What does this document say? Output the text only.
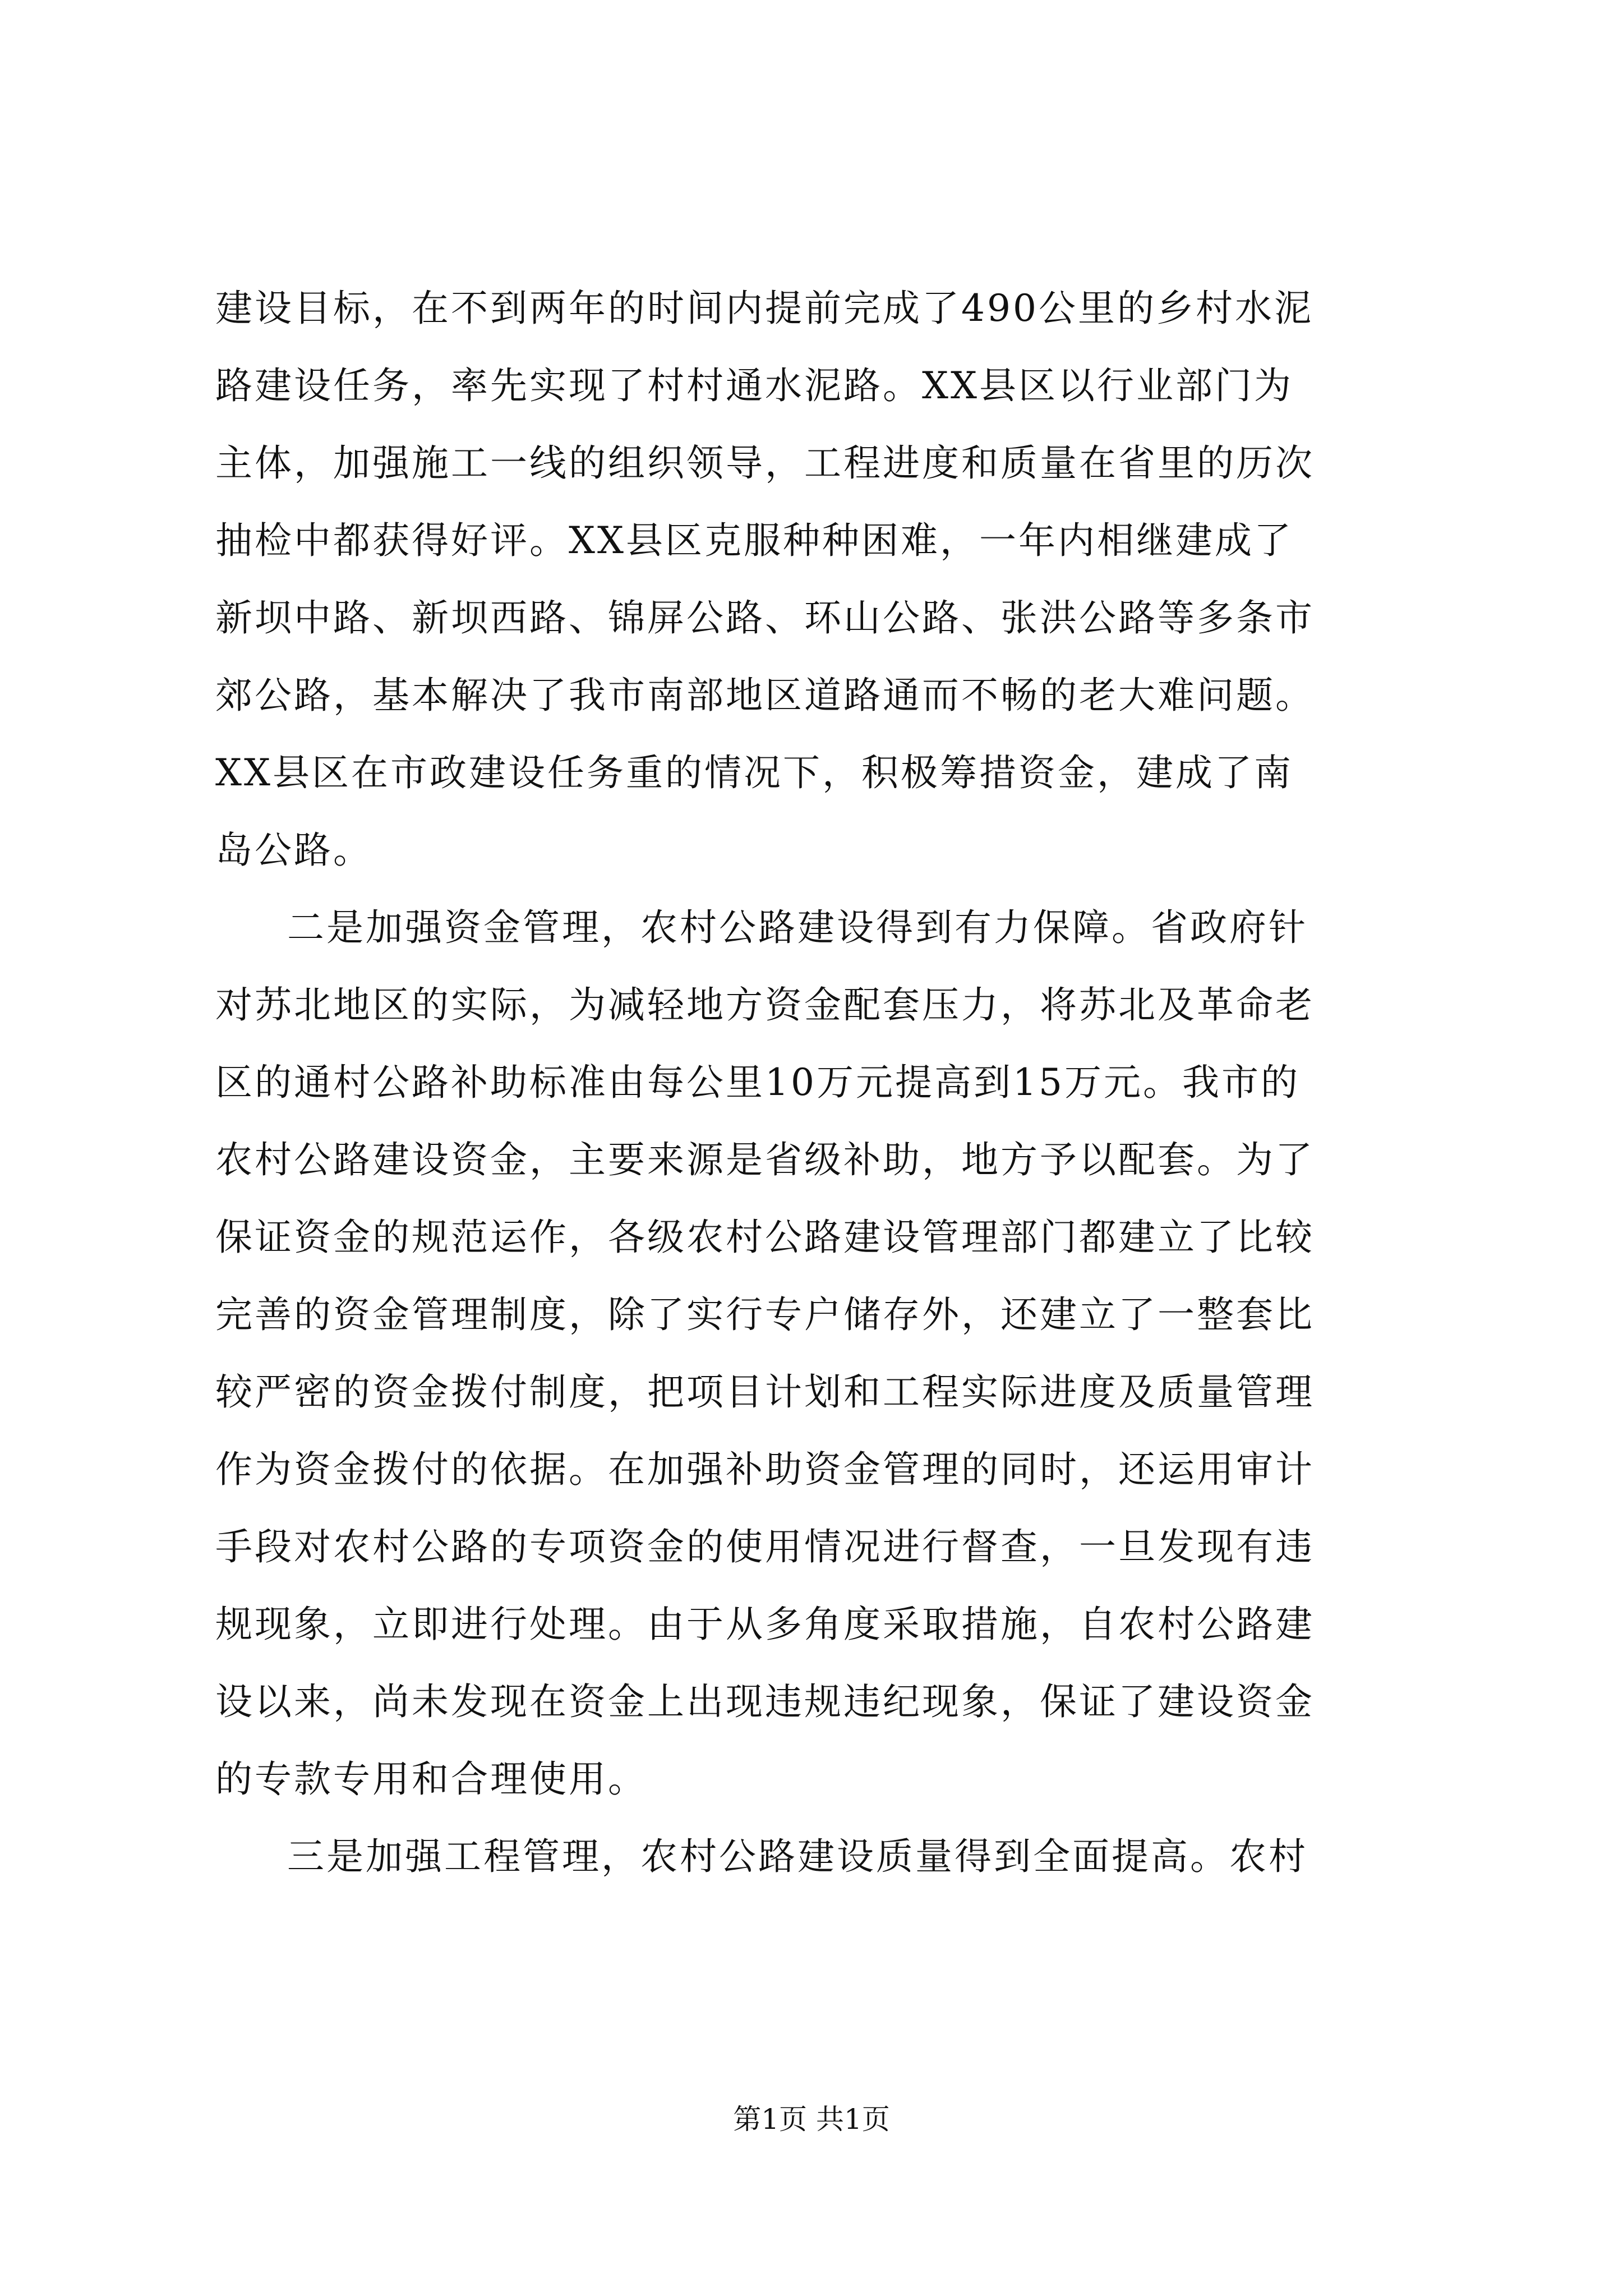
建设目标，在不到两年的时间内提前完成了490公里的乡村水泥
路建设任务，率先实现了村村通水泥路。XX县区以行业部门为
主体，加强施工一线的组织领导，工程进度和质量在省里的历次
抽检中都获得好评。XX县区克服种种困难，一年内相继建成了
新坝中路、新坝西路、锦屏公路、环山公路、张洪公路等多条市
郊公路，基本解决了我市南部地区道路通而不畅的老大难问题。
XX县区在市政建设任务重的情况下，积极筹措资金，建成了南
岛公路。
二是加强资金管理，农村公路建设得到有力保障。省政府针
对苏北地区的实际，为减轻地方资金配套压力，将苏北及革命老
区的通村公路补助标准由每公里10万元提高到15万元。我市的
农村公路建设资金，主要来源是省级补助，地方予以配套。为了
保证资金的规范运作，各级农村公路建设管理部门都建立了比较
完善的资金管理制度，除了实行专户储存外，还建立了一整套比
较严密的资金拨付制度，把项目计划和工程实际进度及质量管理
作为资金拨付的依据。在加强补助资金管理的同时，还运用审计
手段对农村公路的专项资金的使用情况进行督查，一旦发现有违
规现象，立即进行处理。由于从多角度采取措施，自农村公路建
设以来，尚未发现在资金上出现违规违纪现象，保证了建设资金
的专款专用和合理使用。
三是加强工程管理，农村公路建设质量得到全面提高。农村
第1页 共1页
